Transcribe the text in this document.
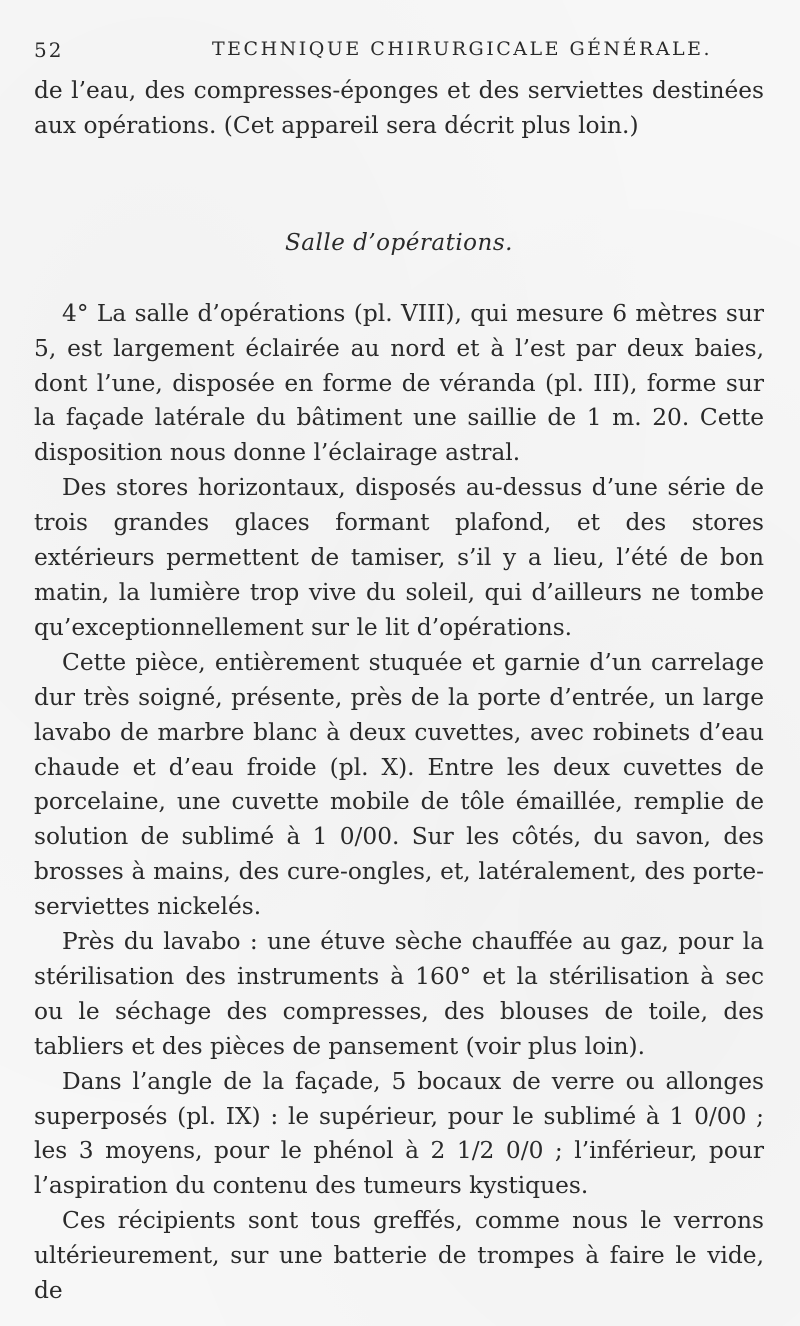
52	TECHNIQUE CHIRURGICALE GÉNÉRALE.

de l’eau, des compresses-éponges et des serviettes destinées aux opérations. (Cet appareil sera décrit plus loin.)

Salle d’opérations.

4° La salle d’opérations (pl. VIII), qui mesure 6 mètres sur 5, est largement éclairée au nord et à l’est par deux baies, dont l’une, disposée en forme de véranda (pl. III), forme sur la façade latérale du bâtiment une saillie de 1 m. 20. Cette disposition nous donne l’éclairage astral.

Des stores horizontaux, disposés au-dessus d’une série de trois grandes glaces formant plafond, et des stores extérieurs permettent de tamiser, s’il y a lieu, l’été de bon matin, la lumière trop vive du soleil, qui d’ailleurs ne tombe qu’exceptionnellement sur le lit d’opérations.

Cette pièce, entièrement stuquée et garnie d’un carrelage dur très soigné, présente, près de la porte d’entrée, un large lavabo de marbre blanc à deux cuvettes, avec robinets d’eau chaude et d’eau froide (pl. X). Entre les deux cuvettes de porcelaine, une cuvette mobile de tôle émaillée, remplie de solution de sublimé à 1 0/00. Sur les côtés, du savon, des brosses à mains, des cure-ongles, et, latéralement, des porte-serviettes nickelés.

Près du lavabo : une étuve sèche chauffée au gaz, pour la stérilisation des instruments à 160° et la stérilisation à sec ou le séchage des compresses, des blouses de toile, des tabliers et des pièces de pansement (voir plus loin).

Dans l’angle de la façade, 5 bocaux de verre ou allonges superposés (pl. IX) : le supérieur, pour le sublimé à 1 0/00 ; les 3 moyens, pour le phénol à 2 1/2 0/0 ; l’inférieur, pour l’aspiration du contenu des tumeurs kystiques.

Ces récipients sont tous greffés, comme nous le verrons ultérieurement, sur une batterie de trompes à faire le vide, de
